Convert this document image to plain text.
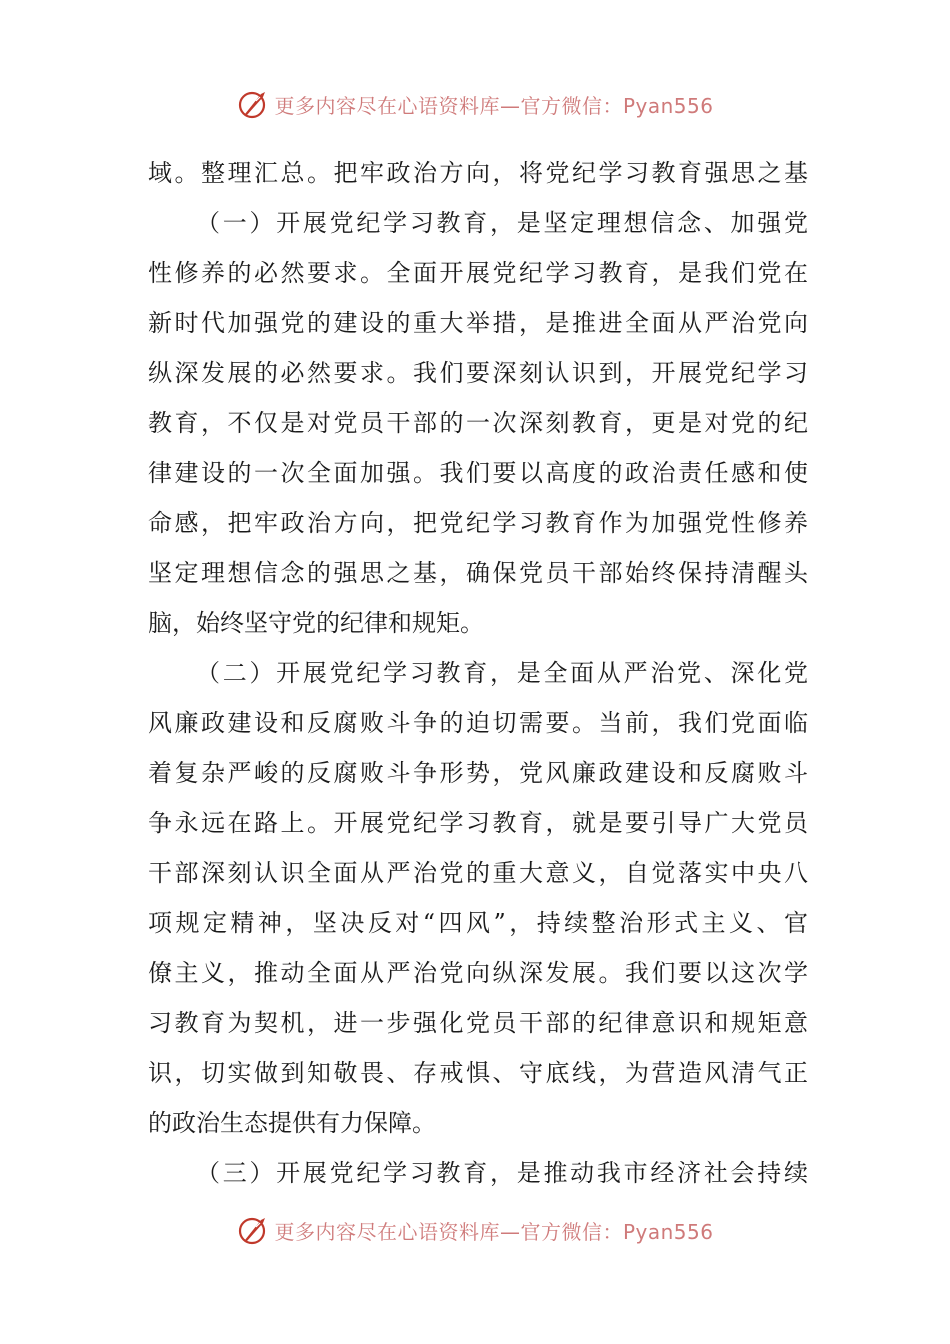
更多内容尽在心语资料库—官方微信：Pyan556
域。整理汇总。把牢政治方向，将党纪学习教育强思之基
（一）开展党纪学习教育，是坚定理想信念、加强党
性修养的必然要求。全面开展党纪学习教育，是我们党在
新时代加强党的建设的重大举措，是推进全面从严治党向
纵深发展的必然要求。我们要深刻认识到，开展党纪学习
教育，不仅是对党员干部的一次深刻教育，更是对党的纪
律建设的一次全面加强。我们要以高度的政治责任感和使
命感，把牢政治方向，把党纪学习教育作为加强党性修养
坚定理想信念的强思之基，确保党员干部始终保持清醒头
脑，始终坚守党的纪律和规矩。
（二）开展党纪学习教育，是全面从严治党、深化党
风廉政建设和反腐败斗争的迫切需要。当前，我们党面临
着复杂严峻的反腐败斗争形势，党风廉政建设和反腐败斗
争永远在路上。开展党纪学习教育，就是要引导广大党员
干部深刻认识全面从严治党的重大意义，自觉落实中央八
项规定精神，坚决反对“四风”，持续整治形式主义、官
僚主义，推动全面从严治党向纵深发展。我们要以这次学
习教育为契机，进一步强化党员干部的纪律意识和规矩意
识，切实做到知敬畏、存戒惧、守底线，为营造风清气正
的政治生态提供有力保障。
（三）开展党纪学习教育，是推动我市经济社会持续
更多内容尽在心语资料库—官方微信：Pyan556
